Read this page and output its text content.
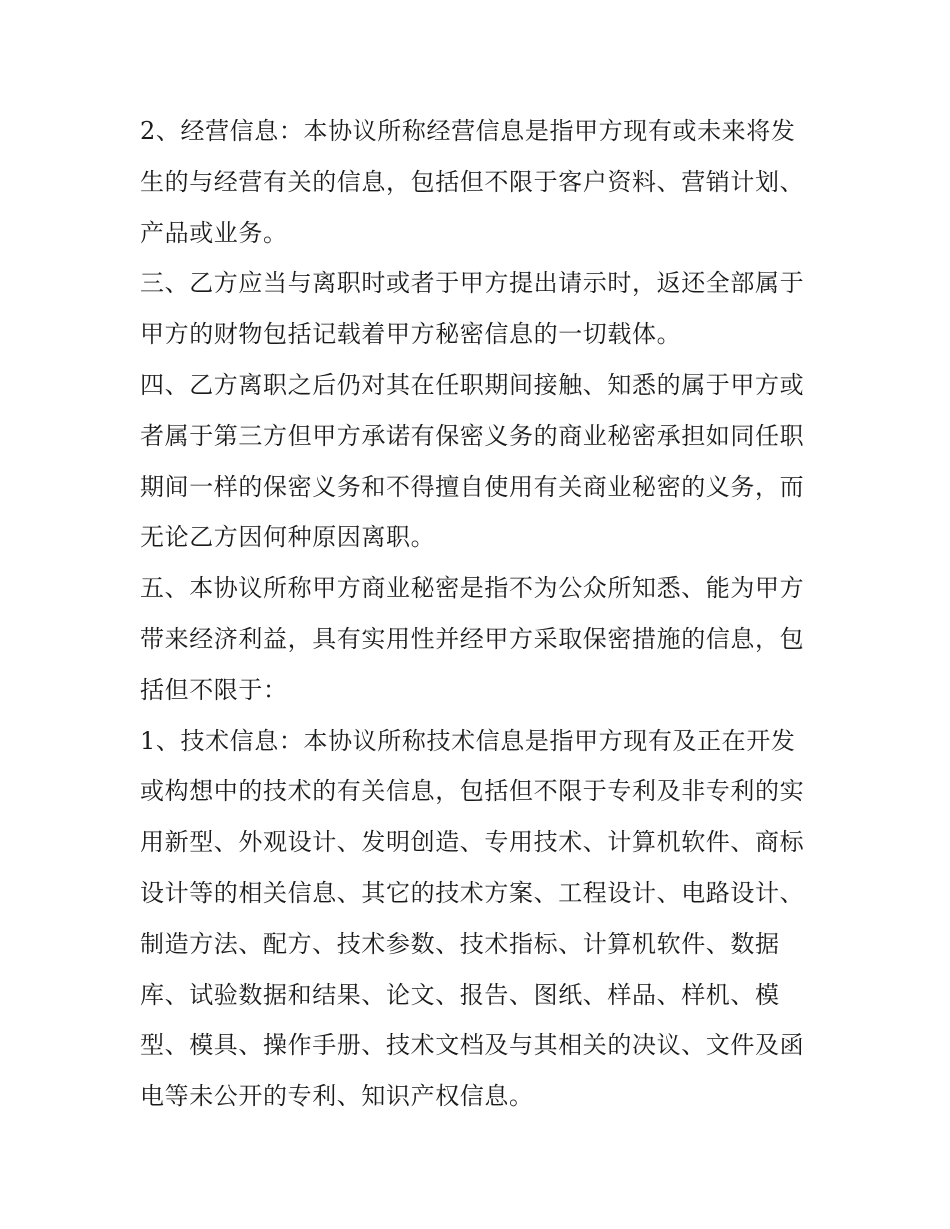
2、经营信息：本协议所称经营信息是指甲方现有或未来将发
生的与经营有关的信息，包括但不限于客户资料、营销计划、
产品或业务。
三、乙方应当与离职时或者于甲方提出请示时，返还全部属于
甲方的财物包括记载着甲方秘密信息的一切载体。
四、乙方离职之后仍对其在任职期间接触、知悉的属于甲方或
者属于第三方但甲方承诺有保密义务的商业秘密承担如同任职
期间一样的保密义务和不得擅自使用有关商业秘密的义务，而
无论乙方因何种原因离职。
五、本协议所称甲方商业秘密是指不为公众所知悉、能为甲方
带来经济利益，具有实用性并经甲方采取保密措施的信息，包
括但不限于：
1、技术信息：本协议所称技术信息是指甲方现有及正在开发
或构想中的技术的有关信息，包括但不限于专利及非专利的实
用新型、外观设计、发明创造、专用技术、计算机软件、商标
设计等的相关信息、其它的技术方案、工程设计、电路设计、
制造方法、配方、技术参数、技术指标、计算机软件、数据
库、试验数据和结果、论文、报告、图纸、样品、样机、模
型、模具、操作手册、技术文档及与其相关的决议、文件及函
电等未公开的专利、知识产权信息。
